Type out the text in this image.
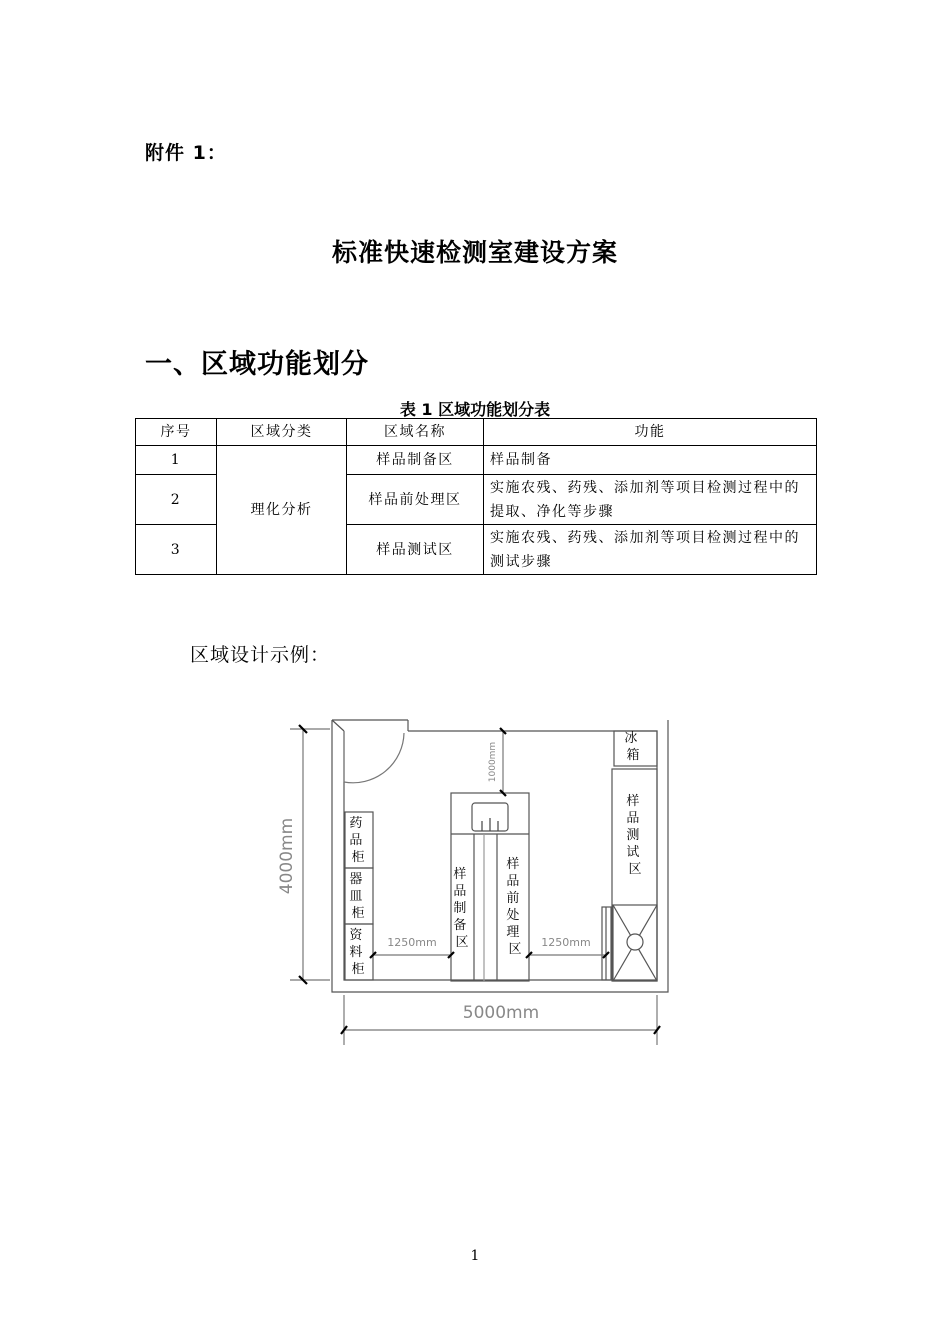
附件 1：
标准快速检测室建设方案
一、区域功能划分
表 1 区域功能划分表
序号	区域分类	区域名称	功能
1	理化分析	样品制备区	样品制备
2		样品前处理区	实施农残、药残、添加剂等项目检测过程中的提取、净化等步骤
3		样品测试区	实施农残、药残、添加剂等项目检测过程中的测试步骤
区域设计示例：
4000mm
5000mm
1000mm
1250mm	1250mm
冰 箱
样 品 测 试 区
药 品 柜
器 皿 柜
资 料 柜
样 品 制 备 区
样 品 前 处 理 区
1
